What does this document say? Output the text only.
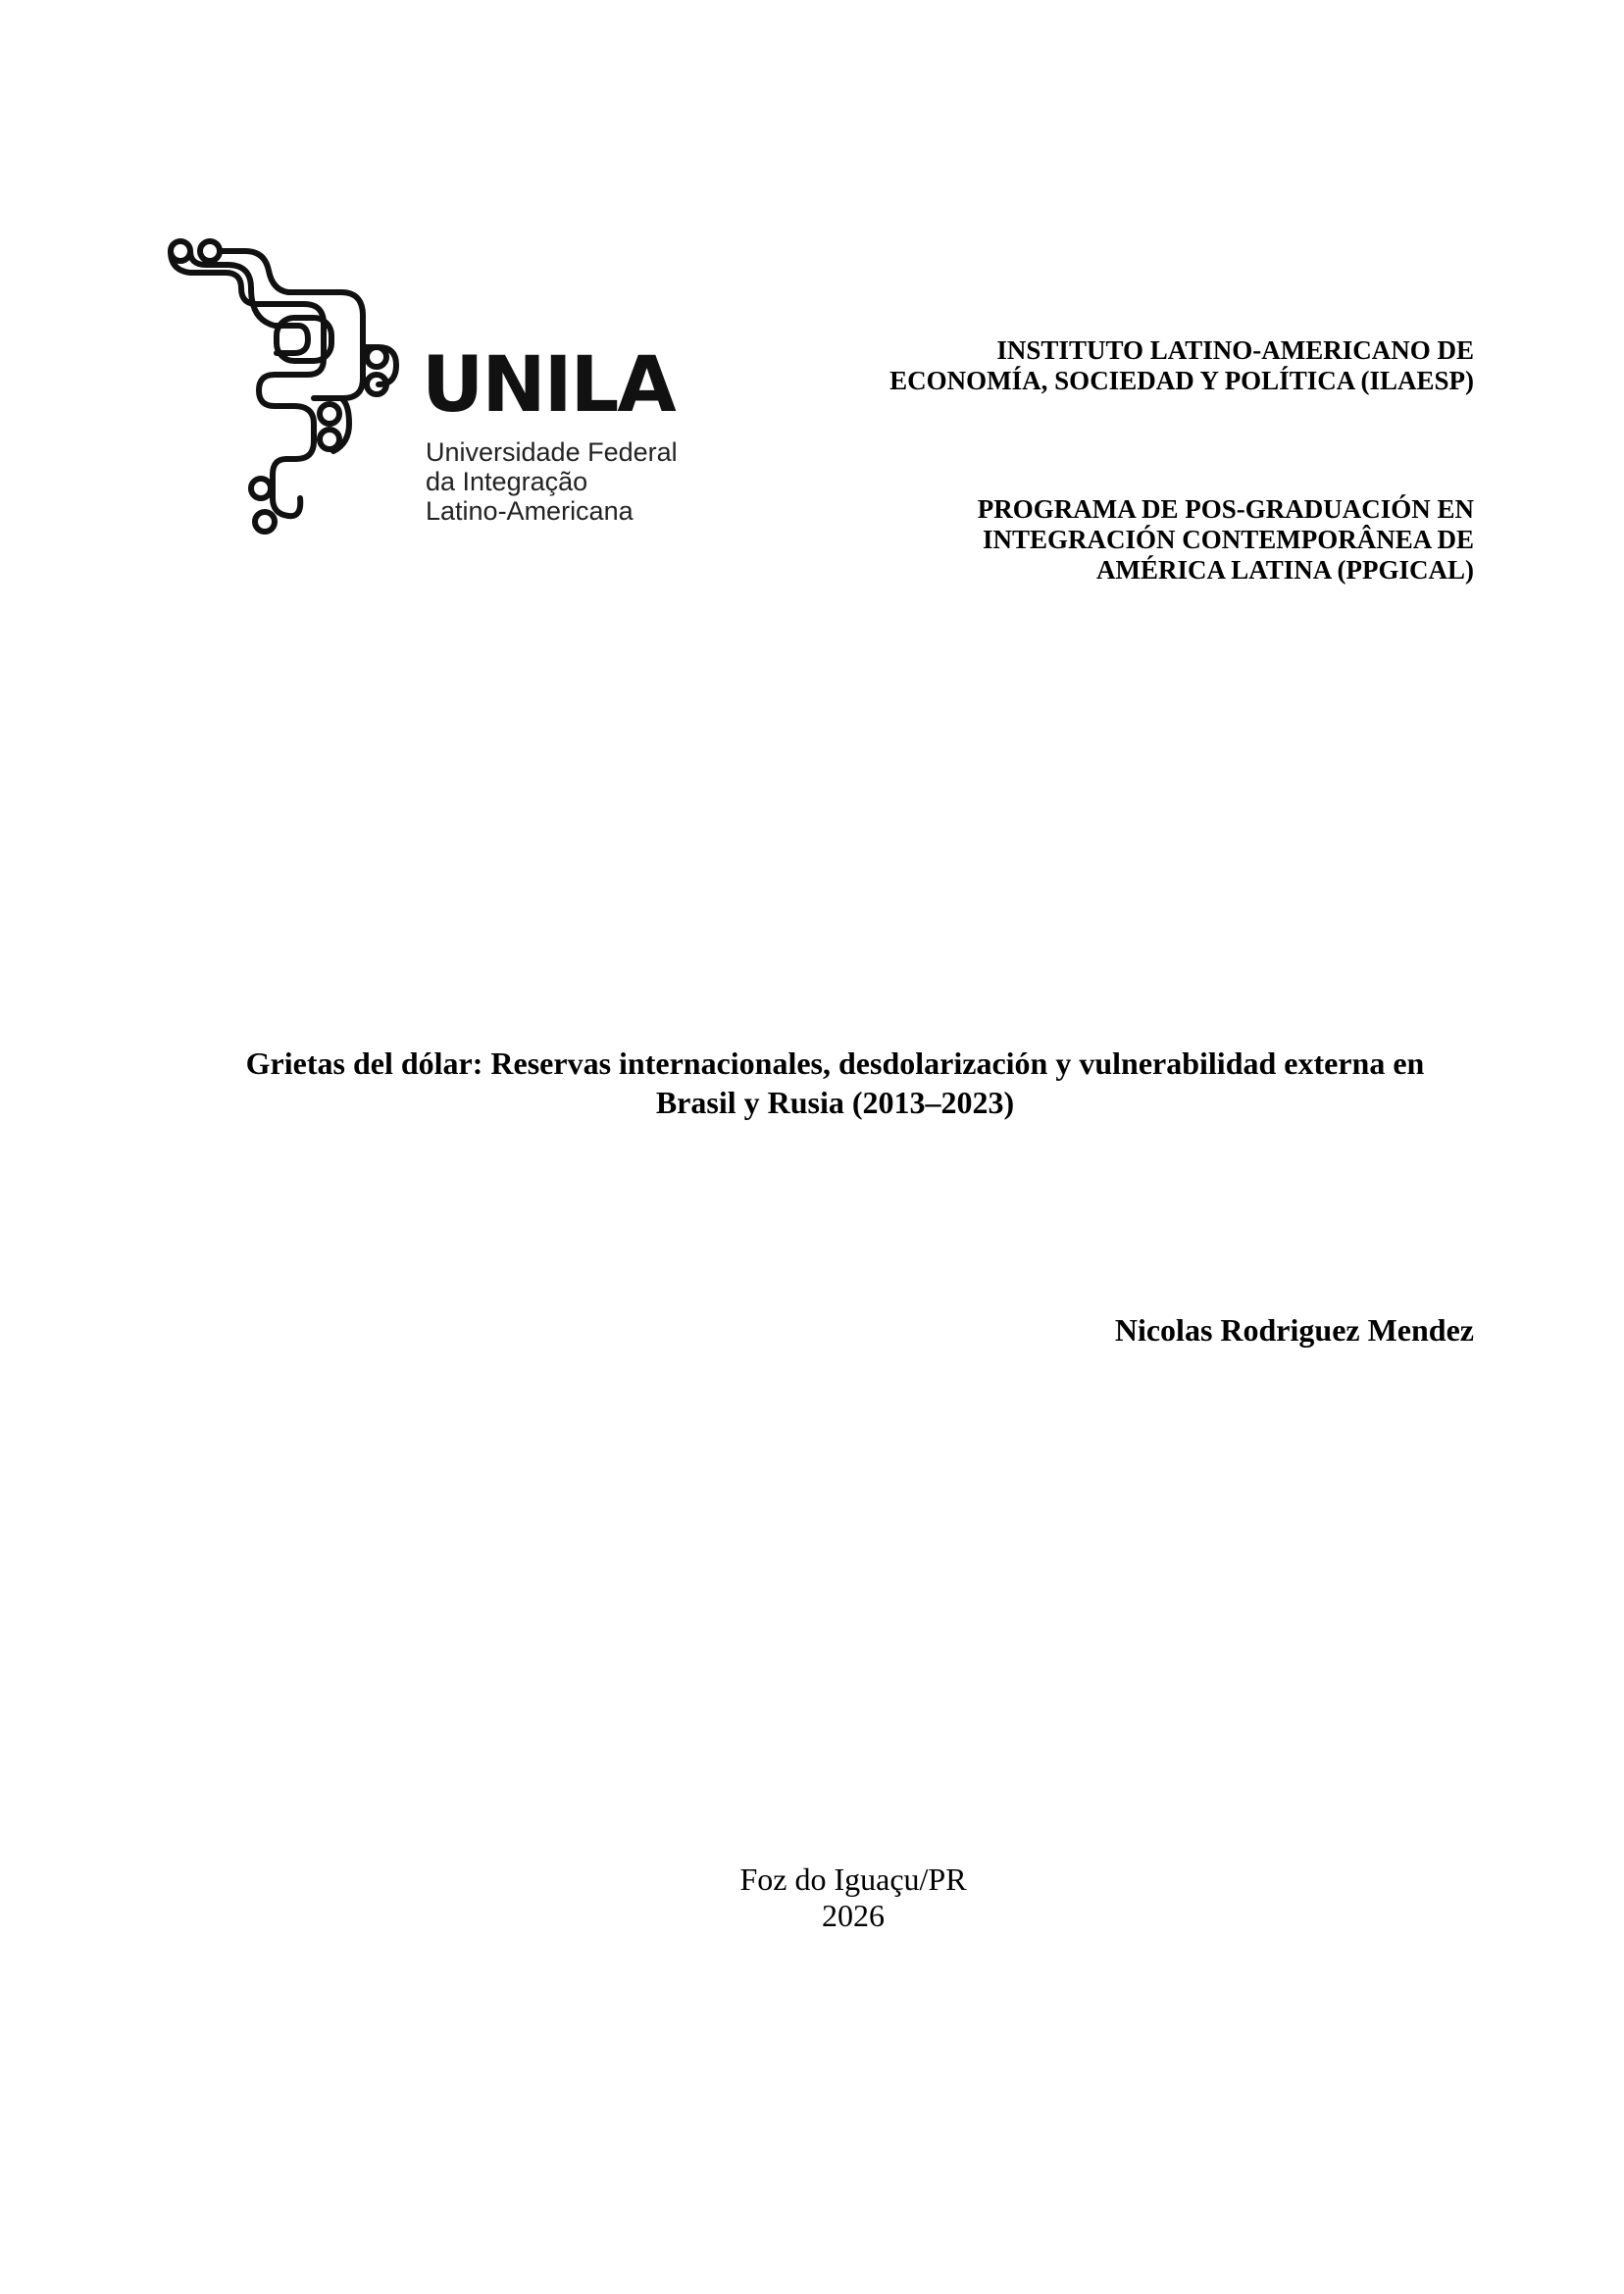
UNILA
Universidade Federal
da Integração
Latino-Americana
INSTITUTO LATINO-AMERICANO DE
ECONOMÍA, SOCIEDAD Y POLÍTICA (ILAESP)
PROGRAMA DE POS-GRADUACIÓN EN
INTEGRACIÓN CONTEMPORÂNEA DE
AMÉRICA LATINA (PPGICAL)
Grietas del dólar: Reservas internacionales, desdolarización y vulnerabilidad externa en
Brasil y Rusia (2013–2023)
Nicolas Rodriguez Mendez
Foz do Iguaçu/PR
2026
